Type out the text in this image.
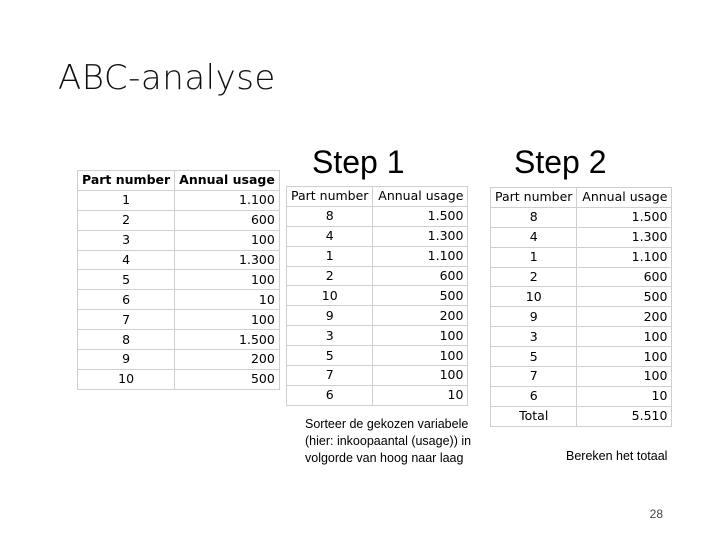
ABC-analyse
Step 1	Step 2
Part number	Annual usage
1	1.100
2	600
3	100
4	1.300
5	100
6	10
7	100
8	1.500
9	200
10	500
Part number	Annual usage
8	1.500
4	1.300
1	1.100
2	600
10	500
9	200
3	100
5	100
7	100
6	10
Part number	Annual usage
8	1.500
4	1.300
1	1.100
2	600
10	500
9	200
3	100
5	100
7	100
6	10
Total	5.510
Sorteer de gekozen variabele (hier: inkoopaantal (usage)) in volgorde van hoog naar laag	Bereken het totaal
28
